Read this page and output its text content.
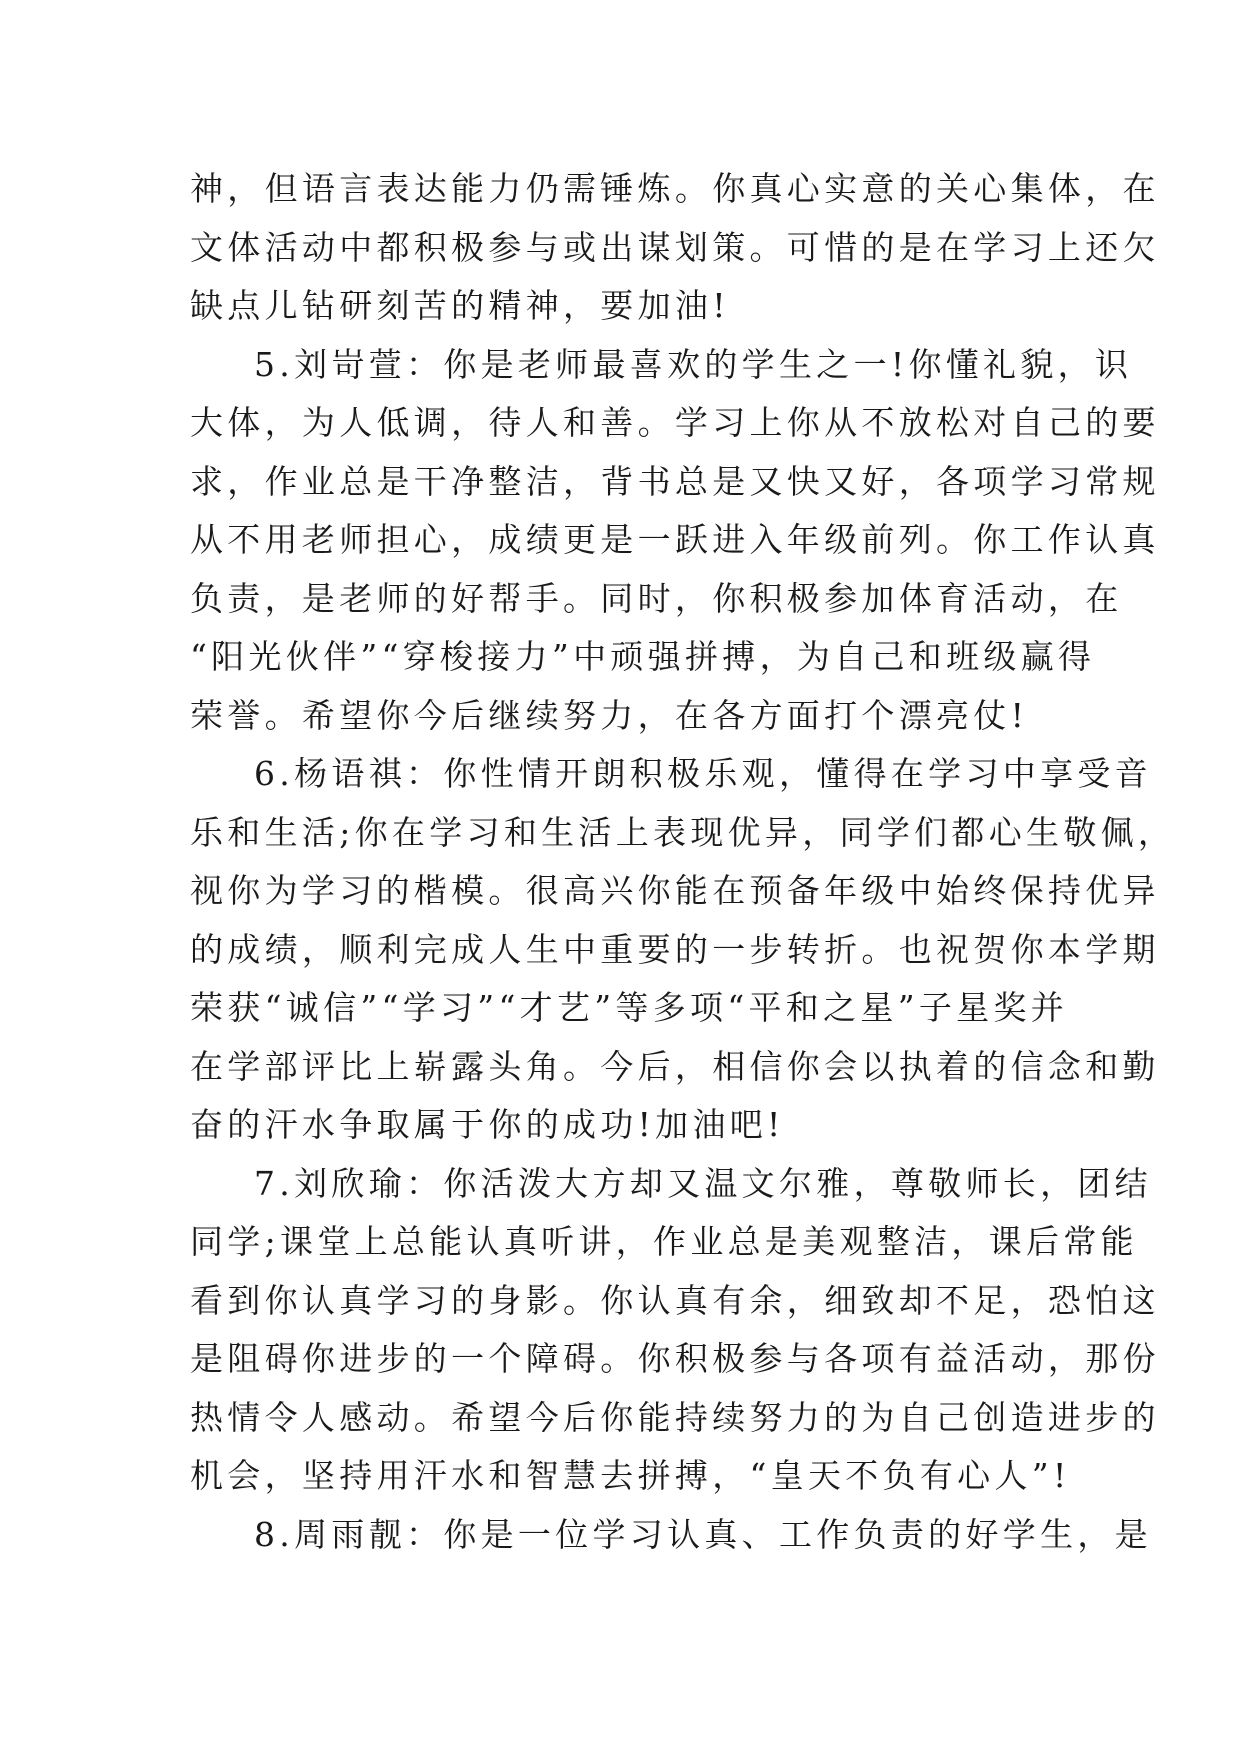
神，但语言表达能力仍需锤炼。你真心实意的关心集体，在
文体活动中都积极参与或出谋划策。可惜的是在学习上还欠
缺点儿钻研刻苦的精神，要加油!
5.刘岢萱：你是老师最喜欢的学生之一!你懂礼貌，识
大体，为人低调，待人和善。学习上你从不放松对自己的要
求，作业总是干净整洁，背书总是又快又好，各项学习常规
从不用老师担心，成绩更是一跃进入年级前列。你工作认真
负责，是老师的好帮手。同时，你积极参加体育活动，在
“阳光伙伴”“穿梭接力”中顽强拼搏，为自己和班级赢得
荣誉。希望你今后继续努力，在各方面打个漂亮仗!
6.杨语祺：你性情开朗积极乐观，懂得在学习中享受音
乐和生活;你在学习和生活上表现优异，同学们都心生敬佩，
视你为学习的楷模。很高兴你能在预备年级中始终保持优异
的成绩，顺利完成人生中重要的一步转折。也祝贺你本学期
荣获“诚信”“学习”“才艺”等多项“平和之星”子星奖并
在学部评比上崭露头角。今后，相信你会以执着的信念和勤
奋的汗水争取属于你的成功!加油吧!
7.刘欣瑜：你活泼大方却又温文尔雅，尊敬师长，团结
同学;课堂上总能认真听讲，作业总是美观整洁，课后常能
看到你认真学习的身影。你认真有余，细致却不足，恐怕这
是阻碍你进步的一个障碍。你积极参与各项有益活动，那份
热情令人感动。希望今后你能持续努力的为自己创造进步的
机会，坚持用汗水和智慧去拼搏，“皇天不负有心人”!
8.周雨靓：你是一位学习认真、工作负责的好学生，是
